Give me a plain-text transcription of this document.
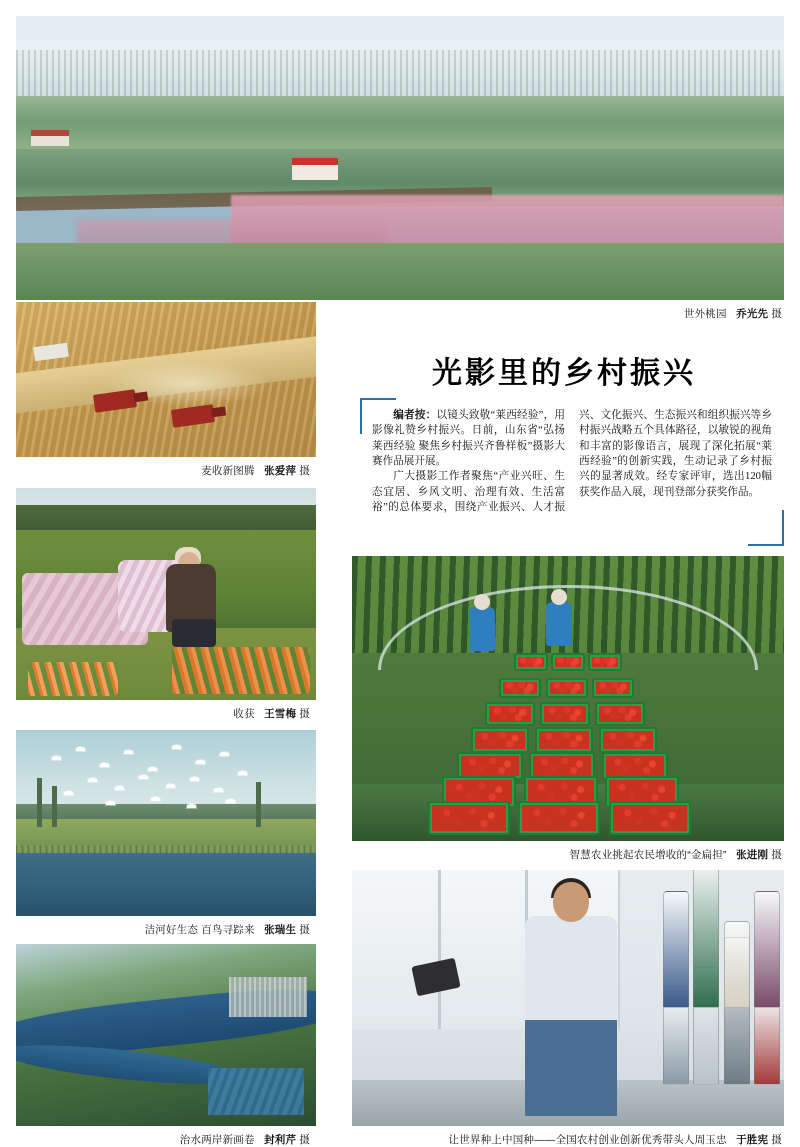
世外桃园 乔光先 摄
麦收新图腾 张爱萍 摄
收获 王雪梅 摄
洁河好生态 百鸟寻踪来 张瑞生 摄
治水两岸新画卷 封利芹 摄
光影里的乡村振兴

编者按：以镜头致敬“莱西经验”，用影像礼赞乡村振兴。日前，山东省“弘扬莱西经验 聚焦乡村振兴齐鲁样板”摄影大赛作品展开展。

广大摄影工作者聚焦“产业兴旺、生态宜居、乡风文明、治理有效、生活富裕”的总体要求，围绕产业振兴、人才振兴、文化振兴、生态振兴和组织振兴等乡村振兴战略五个具体路径，以敏锐的视角和丰富的影像语言，展现了深化拓展“莱西经验”的创新实践，生动记录了乡村振兴的显著成效。经专家评审，选出120幅获奖作品入展，现刊登部分获奖作品。

智慧农业挑起农民增收的“金扁担” 张进刚 摄
让世界种上中国种——全国农村创业创新优秀带头人周玉忠 于胜宪 摄
